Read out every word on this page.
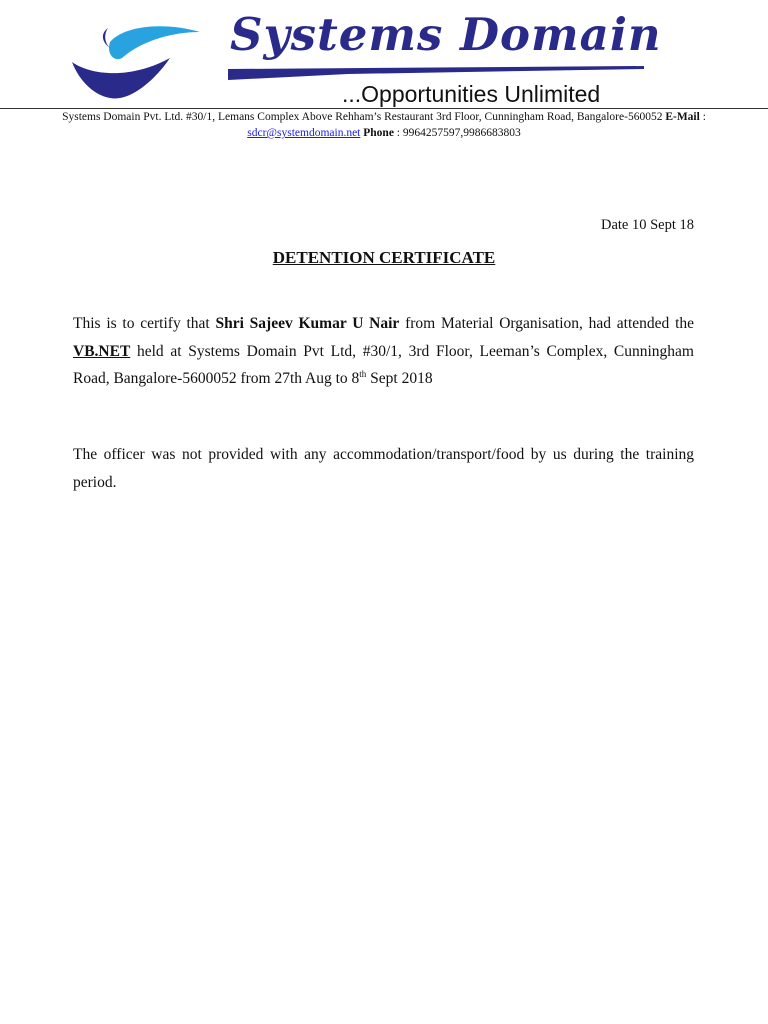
Systems Domain
...Opportunities Unlimited
Systems Domain Pvt. Ltd. #30/1, Lemans Complex Above Rehham’s Restaurant 3rd Floor, Cunningham Road, Bangalore-560052 E-Mail :
sdcr@systemdomain.net Phone : 9964257597,9986683803
Date 10 Sept 18
DETENTION CERTIFICATE
This is to certify that Shri Sajeev Kumar U Nair from Material Organisation, had attended the VB.NET held at Systems Domain Pvt Ltd, #30/1, 3rd Floor, Leeman’s Complex, Cunningham Road, Bangalore-5600052 from 27th Aug to 8th Sept 2018
The officer was not provided with any accommodation/transport/food by us during the training period.
